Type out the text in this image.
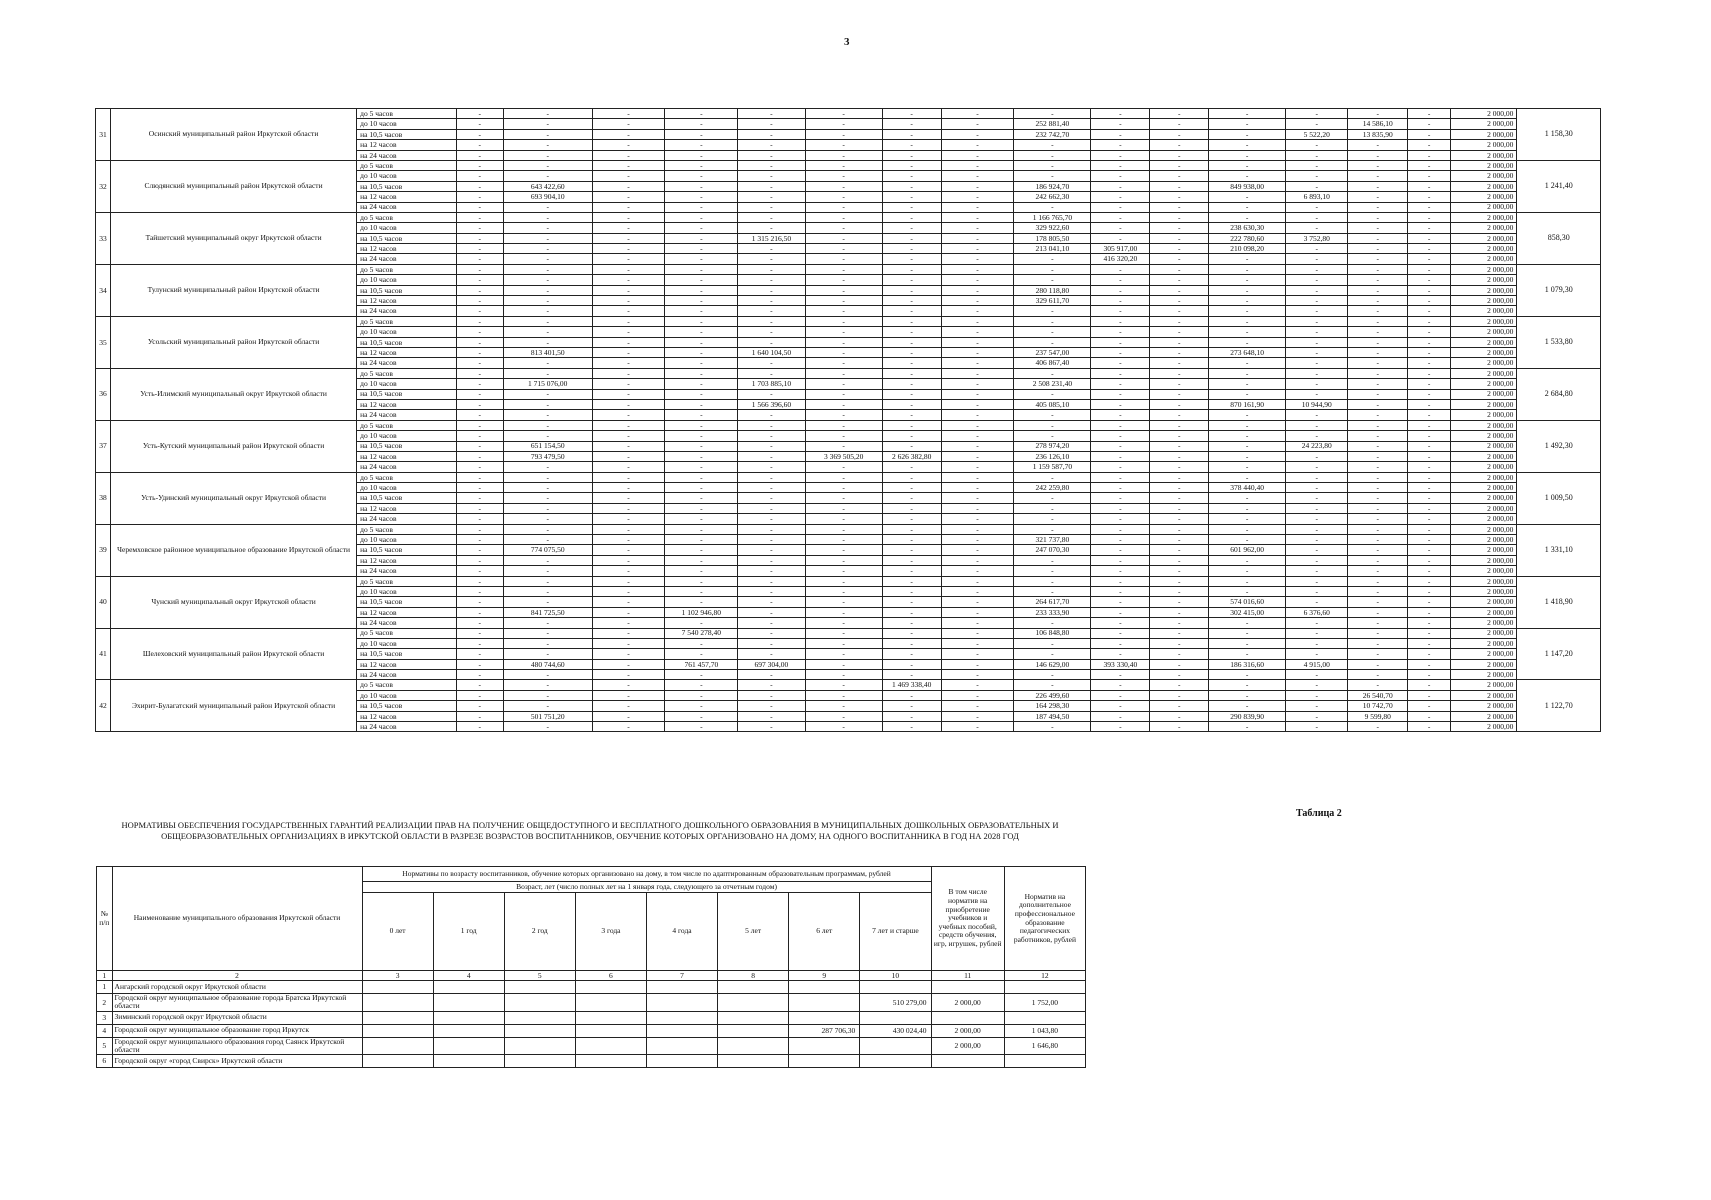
3
31	Осинский муниципальный район Иркутской области	до 5 часов	-	-	-	-	-	-	-	-	-	-	-	-	-	-	-	2 000,00	1 158,30
		до 10 часов	-	-	-	-	-	-	-	-	252 881,40	-	-	-	-	14 586,10	-	2 000,00	
		на 10,5 часов	-	-	-	-	-	-	-	-	232 742,70	-	-	-	5 522,20	13 835,90	-	2 000,00	
		на 12 часов	-	-	-	-	-	-	-	-	-	-	-	-	-	-	-	2 000,00	
		на 24 часов	-	-	-	-	-	-	-	-	-	-	-	-	-	-	-	2 000,00	
32	Слюдянский муниципальный район Иркутской области	до 5 часов	-	-	-	-	-	-	-	-	-	-	-	-	-	-	-	2 000,00	1 241,40
		до 10 часов	-	-	-	-	-	-	-	-	-	-	-	-	-	-	-	2 000,00	
		на 10,5 часов	-	643 422,60	-	-	-	-	-	-	186 924,70	-	-	849 938,00	-	-	-	2 000,00	
		на 12 часов	-	693 904,10	-	-	-	-	-	-	242 662,30	-	-	-	6 893,10	-	-	2 000,00	
		на 24 часов	-	-	-	-	-	-	-	-	-	-	-	-	-	-	-	2 000,00	
33	Тайшетский муниципальный округ Иркутской области	до 5 часов	-	-	-	-	-	-	-	-	1 166 765,70	-	-	-	-	-	-	2 000,00	858,30
		до 10 часов	-	-	-	-	-	-	-	-	329 922,60	-	-	238 630,30	-	-	-	2 000,00	
		на 10,5 часов	-	-	-	-	1 315 216,50	-	-	-	178 805,50	-	-	222 780,60	3 752,80	-	-	2 000,00	
		на 12 часов	-	-	-	-	-	-	-	-	213 041,10	305 917,00	-	210 098,20	-	-	-	2 000,00	
		на 24 часов	-	-	-	-	-	-	-	-	-	416 320,20	-	-	-	-	-	2 000,00	
34	Тулунский муниципальный район Иркутской области	до 5 часов	-	-	-	-	-	-	-	-	-	-	-	-	-	-	-	2 000,00	1 079,30
		до 10 часов	-	-	-	-	-	-	-	-	-	-	-	-	-	-	-	2 000,00	
		на 10,5 часов	-	-	-	-	-	-	-	-	280 118,80	-	-	-	-	-	-	2 000,00	
		на 12 часов	-	-	-	-	-	-	-	-	329 611,70	-	-	-	-	-	-	2 000,00	
		на 24 часов	-	-	-	-	-	-	-	-	-	-	-	-	-	-	-	2 000,00	
35	Усольский муниципальный район Иркутской области	до 5 часов	-	-	-	-	-	-	-	-	-	-	-	-	-	-	-	2 000,00	1 533,80
		до 10 часов	-	-	-	-	-	-	-	-	-	-	-	-	-	-	-	2 000,00	
		на 10,5 часов	-	-	-	-	-	-	-	-	-	-	-	-	-	-	-	2 000,00	
		на 12 часов	-	813 401,50	-	-	1 640 104,50	-	-	-	237 547,00	-	-	273 648,10	-	-	-	2 000,00	
		на 24 часов	-	-	-	-	-	-	-	-	406 867,40	-	-	-	-	-	-	2 000,00	
36	Усть-Илимский муниципальный округ Иркутской области	до 5 часов	-	-	-	-	-	-	-	-	-	-	-	-	-	-	-	2 000,00	2 684,80
		до 10 часов	-	1 715 076,00	-	-	1 703 885,10	-	-	-	2 508 231,40	-	-	-	-	-	-	2 000,00	
		на 10,5 часов	-	-	-	-	-	-	-	-	-	-	-	-	-	-	-	2 000,00	
		на 12 часов	-	-	-	-	1 566 396,60	-	-	-	405 085,10	-	-	870 161,90	10 944,90	-	-	2 000,00	
		на 24 часов	-	-	-	-	-	-	-	-	-	-	-	-	-	-	-	2 000,00	
37	Усть-Кутский муниципальный район Иркутской области	до 5 часов	-	-	-	-	-	-	-	-	-	-	-	-	-	-	-	2 000,00	1 492,30
		до 10 часов	-	-	-	-	-	-	-	-	-	-	-	-	-	-	-	2 000,00	
		на 10,5 часов	-	651 154,50	-	-	-	-	-	-	278 974,20	-	-	-	24 223,80	-	-	2 000,00	
		на 12 часов	-	793 479,50	-	-	-	3 369 505,20	2 626 382,80	-	236 126,10	-	-	-	-	-	-	2 000,00	
		на 24 часов	-	-	-	-	-	-	-	-	1 159 587,70	-	-	-	-	-	-	2 000,00	
38	Усть-Удинский муниципальный округ Иркутской области	до 5 часов	-	-	-	-	-	-	-	-	-	-	-	-	-	-	-	2 000,00	1 009,50
		до 10 часов	-	-	-	-	-	-	-	-	242 259,80	-	-	378 440,40	-	-	-	2 000,00	
		на 10,5 часов	-	-	-	-	-	-	-	-	-	-	-	-	-	-	-	2 000,00	
		на 12 часов	-	-	-	-	-	-	-	-	-	-	-	-	-	-	-	2 000,00	
		на 24 часов	-	-	-	-	-	-	-	-	-	-	-	-	-	-	-	2 000,00	
39	Черемховское районное муниципальное образование Иркутской области	до 5 часов	-	-	-	-	-	-	-	-	-	-	-	-	-	-	-	2 000,00	1 331,10
		до 10 часов	-	-	-	-	-	-	-	-	321 737,80	-	-	-	-	-	-	2 000,00	
		на 10,5 часов	-	774 075,50	-	-	-	-	-	-	247 070,30	-	-	601 962,00	-	-	-	2 000,00	
		на 12 часов	-	-	-	-	-	-	-	-	-	-	-	-	-	-	-	2 000,00	
		на 24 часов	-	-	-	-	-	-	-	-	-	-	-	-	-	-	-	2 000,00	
40	Чунский муниципальный округ Иркутской области	до 5 часов	-	-	-	-	-	-	-	-	-	-	-	-	-	-	-	2 000,00	1 418,90
		до 10 часов	-	-	-	-	-	-	-	-	-	-	-	-	-	-	-	2 000,00	
		на 10,5 часов	-	-	-	-	-	-	-	-	264 617,70	-	-	574 016,60	-	-	-	2 000,00	
		на 12 часов	-	841 725,50	-	1 102 946,80	-	-	-	-	233 333,90	-	-	302 415,00	6 376,60	-	-	2 000,00	
		на 24 часов	-	-	-	-	-	-	-	-	-	-	-	-	-	-	-	2 000,00	
41	Шелеховский муниципальный район Иркутской области	до 5 часов	-	-	-	7 540 278,40	-	-	-	-	106 848,80	-	-	-	-	-	-	2 000,00	1 147,20
		до 10 часов	-	-	-	-	-	-	-	-	-	-	-	-	-	-	-	2 000,00	
		на 10,5 часов	-	-	-	-	-	-	-	-	-	-	-	-	-	-	-	2 000,00	
		на 12 часов	-	480 744,60	-	761 457,70	697 304,00	-	-	-	146 629,00	393 330,40	-	186 316,60	4 915,00	-	-	2 000,00	
		на 24 часов	-	-	-	-	-	-	-	-	-	-	-	-	-	-	-	2 000,00	
42	Эхирит-Булагатский муниципальный район Иркутской области	до 5 часов	-	-	-	-	-	-	1 469 338,40	-	-	-	-	-	-	-	-	2 000,00	1 122,70
		до 10 часов	-	-	-	-	-	-	-	-	226 499,60	-	-	-	-	26 540,70	-	2 000,00	
		на 10,5 часов	-	-	-	-	-	-	-	-	164 298,30	-	-	-	-	10 742,70	-	2 000,00	
		на 12 часов	-	501 751,20	-	-	-	-	-	-	187 494,50	-	-	290 839,90	-	9 599,80	-	2 000,00	
		на 24 часов	-	-	-	-	-	-	-	-	-	-	-	-	-	-	-	2 000,00	
Таблица 2
НОРМАТИВЫ ОБЕСПЕЧЕНИЯ ГОСУДАРСТВЕННЫХ ГАРАНТИЙ РЕАЛИЗАЦИИ ПРАВ НА ПОЛУЧЕНИЕ ОБЩЕДОСТУПНОГО И БЕСПЛАТНОГО ДОШКОЛЬНОГО ОБРАЗОВАНИЯ В МУНИЦИПАЛЬНЫХ ДОШКОЛЬНЫХ ОБРАЗОВАТЕЛЬНЫХ И ОБЩЕОБРАЗОВАТЕЛЬНЫХ ОРГАНИЗАЦИЯХ В ИРКУТСКОЙ ОБЛАСТИ В РАЗРЕЗЕ ВОЗРАСТОВ ВОСПИТАННИКОВ, ОБУЧЕНИЕ КОТОРЫХ ОРГАНИЗОВАНО НА ДОМУ, НА ОДНОГО ВОСПИТАННИКА В ГОД НА 2028 ГОД
№ п/п	Наименование муниципального образования Иркутской области	Нормативы по возрасту воспитанников, обучение которых организовано на дому, в том числе по адаптированным образовательным программам, рублей								В том числе норматив на приобретение учебников и учебных пособий, средств обучения, игр, игрушек, рублей	Норматив на дополнительное профессиональное образование педагогических работников, рублей
		Возраст, лет (число полных лет на 1 января года, следующего за отчетным годом)									
		0 лет	1 год	2 год	3 года	4 года	5 лет	6 лет	7 лет и старше		
1	2	3	4	5	6	7	8	9	10	11	12
1	Ангарский городской округ Иркутской области										
2	Городской округ муниципальное образование города Братска Иркутской области								510 279,00	2 000,00	1 752,00
3	Зиминский городской округ Иркутской области										
4	Городской округ муниципальное образование город Иркутск							287 706,30	430 024,40	2 000,00	1 043,80
5	Городской округ муниципального образования город Саянск Иркутской области									2 000,00	1 646,80
6	Городской округ «город Свирск» Иркутской области										
